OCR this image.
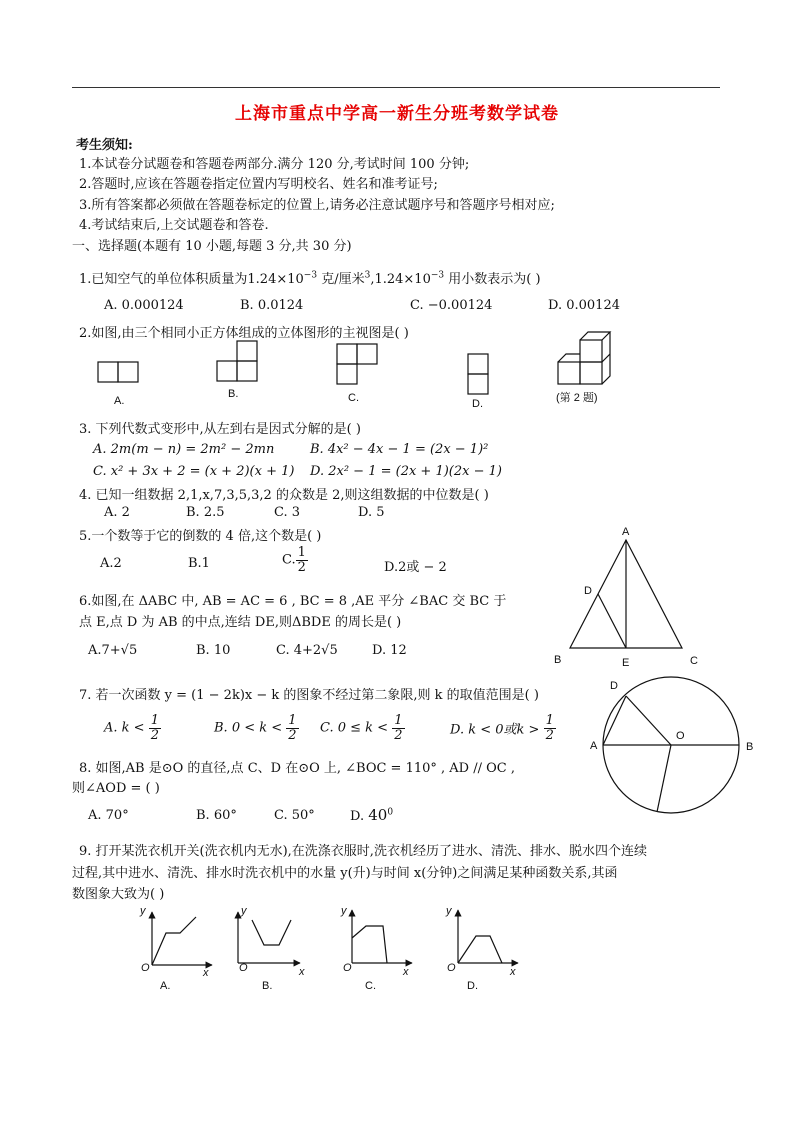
上海市重点中学高一新生分班考数学试卷
考生须知:
1.本试卷分试题卷和答题卷两部分.满分 120 分,考试时间 100 分钟;
2.答题时,应该在答题卷指定位置内写明校名、姓名和准考证号;
3.所有答案都必须做在答题卷标定的位置上,请务必注意试题序号和答题序号相对应;
4.考试结束后,上交试题卷和答卷.
一、选择题(本题有 10 小题,每题 3 分,共 30 分)
1.已知空气的单位体积质量为$1.24\times 10^{-3}$ 克/厘米$^3,1.24\times 10^{-3}$ 用小数表示为( )
A. 0.000124	B. 0.0124	C. −0.00124	D. 0.00124
2.如图,由三个相同小正方体组成的立体图形的主视图是( )
A.
B.	C.	D.	(第 2 题)
3. 下列代数式变形中,从左到右是因式分解的是( )
A. 2m(m − n) = 2m² − 2mn	B. 4x² − 4x − 1 = (2x − 1)²
C. x² + 3x + 2 = (x + 2)(x + 1) D. 2x² − 1 = (2x + 1)(2x − 1)
4. 已知一组数据 2,1,x,7,3,5,3,2 的众数是 2,则这组数据的中位数是( )
A. 2	B. 2.5	C. 3	D. 5
5.一个数等于它的倒数的 4 倍,这个数是( )
A.2	B.1	C. $\frac{1}{2}$	D.2或 − 2
6.如图,在 ΔABC 中, AB = AC = 6 , BC = 8 ,AE 平分 ∠BAC 交 BC 于
点 E,点 D 为 AB 的中点,连结 DE,则ΔBDE 的周长是( )
A.7+√5	B. 10	C. 4+2√5	D. 12
A
D
B	E	C
7. 若一次函数 y = (1 − 2k)x − k 的图象不经过第二象限,则 k 的取值范围是( )
A. $k < \frac{1}{2}$	B. $0 < k < \frac{1}{2} C$. $0 \le k < \frac{1}{2}$	D. k < 0或$k > \frac{1}{2}$
8. 如图,AB 是⊙O 的直径,点 C、D 在⊙O 上, ∠BOC = 110° , AD // OC ,
则∠AOD = ( )
A. 70°	B. 60°	C. 50°	D. $40^0$
D
A
O
B
9. 打开某洗衣机开关(洗衣机内无水),在洗涤衣服时,洗衣机经历了进水、清洗、排水、脱水四个连续
过程,其中进水、清洗、排水时洗衣机中的水量 y(升)与时间 x(分钟)之间满足某种函数关系,其函
数图象大致为( )
y
x
O
y
x
O
y
x
O
y
x
O
A.	B.	C.	D.
